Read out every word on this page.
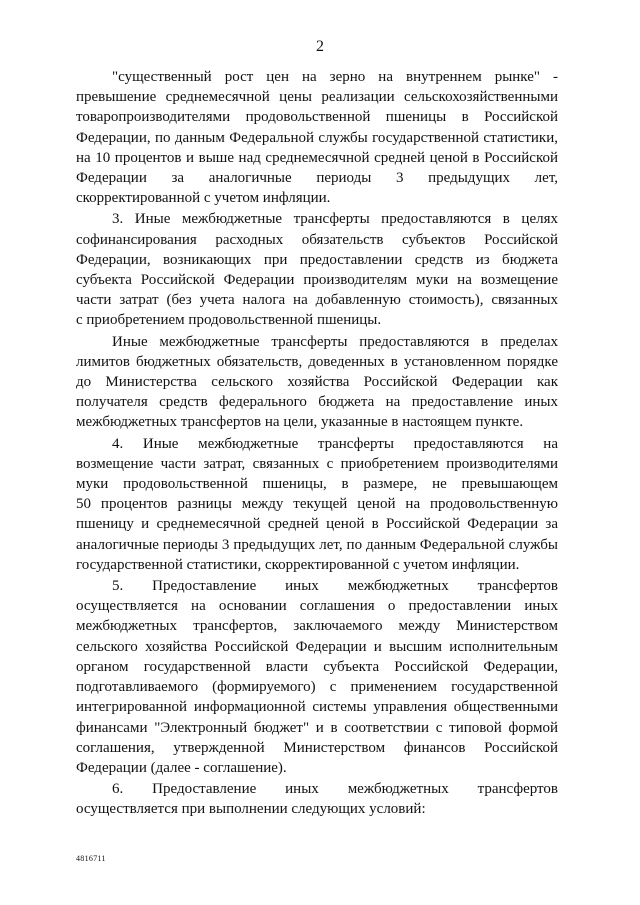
2

"существенный рост цен на зерно на внутреннем рынке" -
превышение среднемесячной цены реализации сельскохозяйственными
товаропроизводителями продовольственной пшеницы в Российской
Федерации, по данным Федеральной службы государственной статистики,
на 10 процентов и выше над среднемесячной средней ценой в Российской
Федерации за аналогичные периоды 3 предыдущих лет,
скорректированной с учетом инфляции.

3. Иные межбюджетные трансферты предоставляются в целях
софинансирования расходных обязательств субъектов Российской
Федерации, возникающих при предоставлении средств из бюджета
субъекта Российской Федерации производителям муки на возмещение
части затрат (без учета налога на добавленную стоимость), связанных
с приобретением продовольственной пшеницы.

Иные межбюджетные трансферты предоставляются в пределах
лимитов бюджетных обязательств, доведенных в установленном порядке
до Министерства сельского хозяйства Российской Федерации как
получателя средств федерального бюджета на предоставление иных
межбюджетных трансфертов на цели, указанные в настоящем пункте.

4. Иные межбюджетные трансферты предоставляются на
возмещение части затрат, связанных с приобретением производителями
муки продовольственной пшеницы, в размере, не превышающем
50 процентов разницы между текущей ценой на продовольственную
пшеницу и среднемесячной средней ценой в Российской Федерации за
аналогичные периоды 3 предыдущих лет, по данным Федеральной службы
государственной статистики, скорректированной с учетом инфляции.

5. Предоставление иных межбюджетных трансфертов
осуществляется на основании соглашения о предоставлении иных
межбюджетных трансфертов, заключаемого между Министерством
сельского хозяйства Российской Федерации и высшим исполнительным
органом государственной власти субъекта Российской Федерации,
подготавливаемого (формируемого) с применением государственной
интегрированной информационной системы управления общественными
финансами "Электронный бюджет" и в соответствии с типовой формой
соглашения, утвержденной Министерством финансов Российской
Федерации (далее - соглашение).

6. Предоставление иных межбюджетных трансфертов
осуществляется при выполнении следующих условий:

4816711
